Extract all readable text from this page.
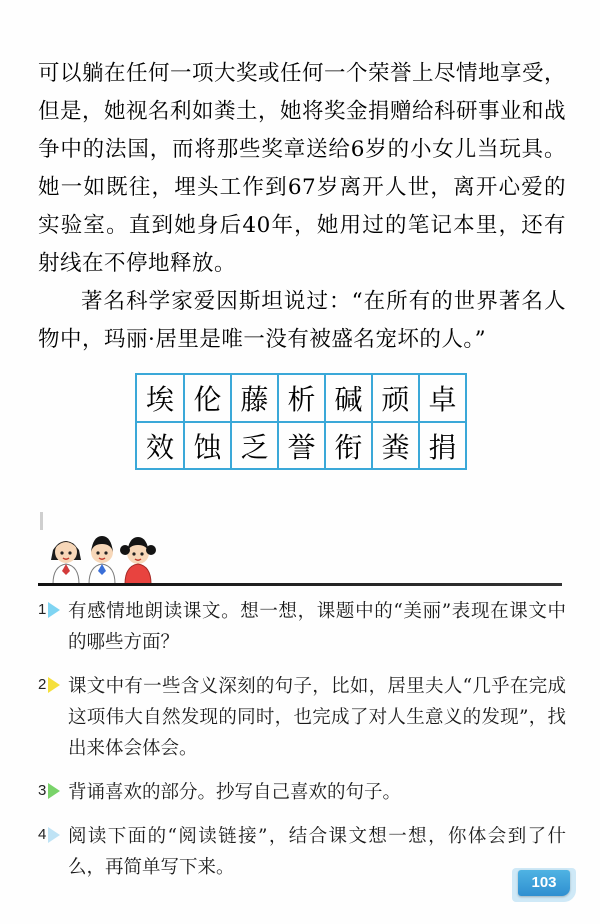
可以躺在任何一项大奖或任何一个荣誉上尽情地享受，但是，她视名利如粪土，她将奖金捐赠给科研事业和战争中的法国，而将那些奖章送给6岁的小女儿当玩具。她一如既往，埋头工作到67岁离开人世，离开心爱的实验室。直到她身后40年，她用过的笔记本里，还有射线在不停地释放。

著名科学家爱因斯坦说过：“在所有的世界著名人物中，玛丽·居里是唯一没有被盛名宠坏的人。”

埃	伦	藤	析	碱	顽	卓
效	蚀	乏	誉	衔	粪	捐
1 有感情地朗读课文。想一想，课题中的“美丽”表现在课文中的哪些方面？
2 课文中有一些含义深刻的句子，比如，居里夫人“几乎在完成这项伟大自然发现的同时，也完成了对人生意义的发现”，找出来体会体会。
3 背诵喜欢的部分。抄写自己喜欢的句子。
4 阅读下面的“阅读链接”，结合课文想一想，你体会到了什么，再简单写下来。
103
